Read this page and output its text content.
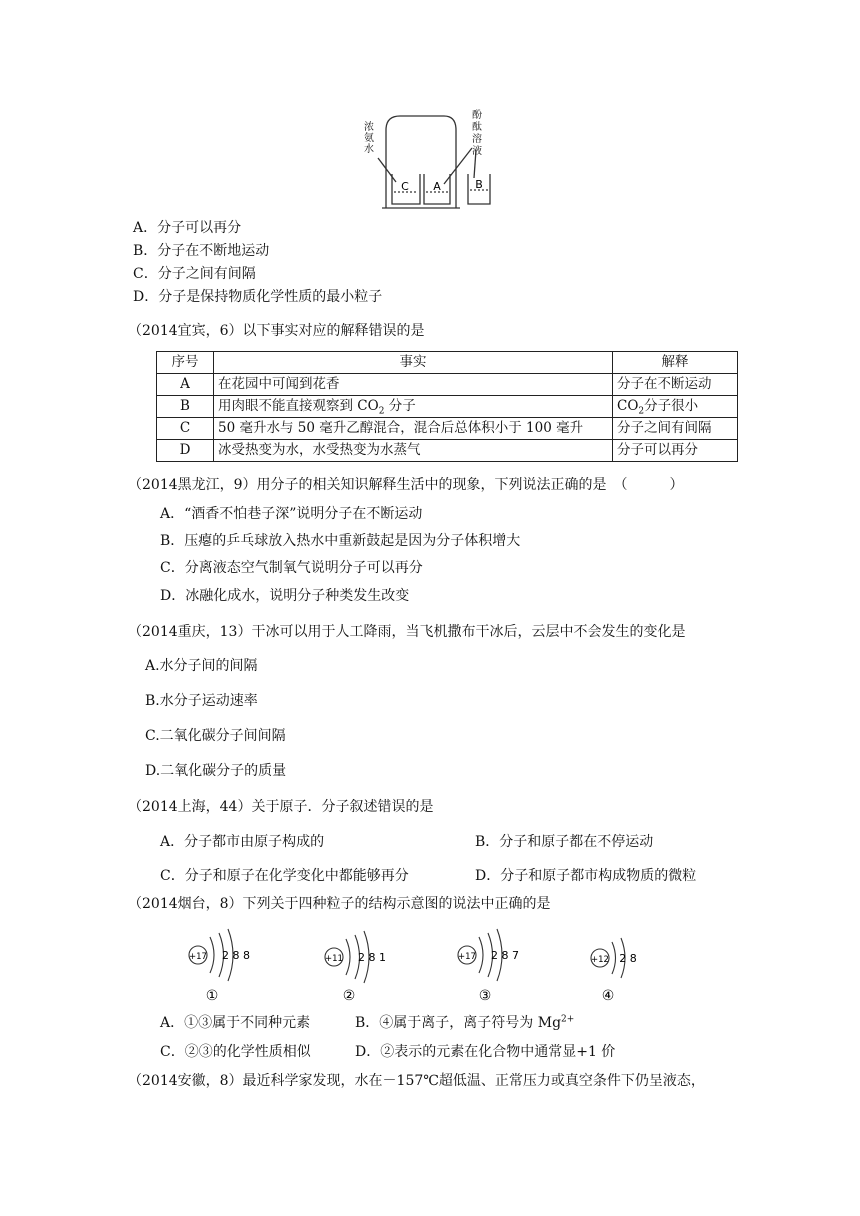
C A	B
浓氨水
酚酞溶液
A．分子可以再分
B．分子在不断地运动
C．分子之间有间隔
D．分子是保持物质化学性质的最小粒子
（2014宜宾，6）以下事实对应的解释错误的是
序号	事实	解释
A	在花园中可闻到花香	分子在不断运动
B	用肉眼不能直接观察到 $CO_2$ 分子	$CO_2$分子很小
C	50 毫升水与 50 毫升乙醇混合，混合后总体积小于 100 毫升	分子之间有间隔
D	冰受热变为水，水受热变为水蒸气	分子可以再分
（2014黑龙江，9）用分子的相关知识解释生活中的现象，下列说法正确的是　（　　　）
A．“酒香不怕巷子深”说明分子在不断运动
B．压瘪的乒乓球放入热水中重新鼓起是因为分子体积增大
C．分离液态空气制氧气说明分子可以再分
D．冰融化成水，说明分子种类发生改变
（2014重庆，13）干冰可以用于人工降雨，当飞机撒布干冰后，云层中不会发生的变化是
A.水分子间的间隔
B.水分子运动速率
C.二氧化碳分子间间隔
D.二氧化碳分子的质量
（2014上海，44）关于原子．分子叙述错误的是
A．分子都市由原子构成的	B．分子和原子都在不停运动
C．分子和原子在化学变化中都能够再分	D．分子和原子都市构成物质的微粒
（2014烟台，8）下列关于四种粒子的结构示意图的说法中正确的是
+17 2 8 8
①
+11 2 8 1
②
+17 2 8 7
③
+12 2 8
④
A．①③属于不同种元素	B．④属于离子，离子符号为 $Mg^{2+}$
C．②③的化学性质相似	D．②表示的元素在化合物中通常显+1 价
（2014安徽，8）最近科学家发现，水在－157℃超低温、正常压力或真空条件下仍呈液态，
